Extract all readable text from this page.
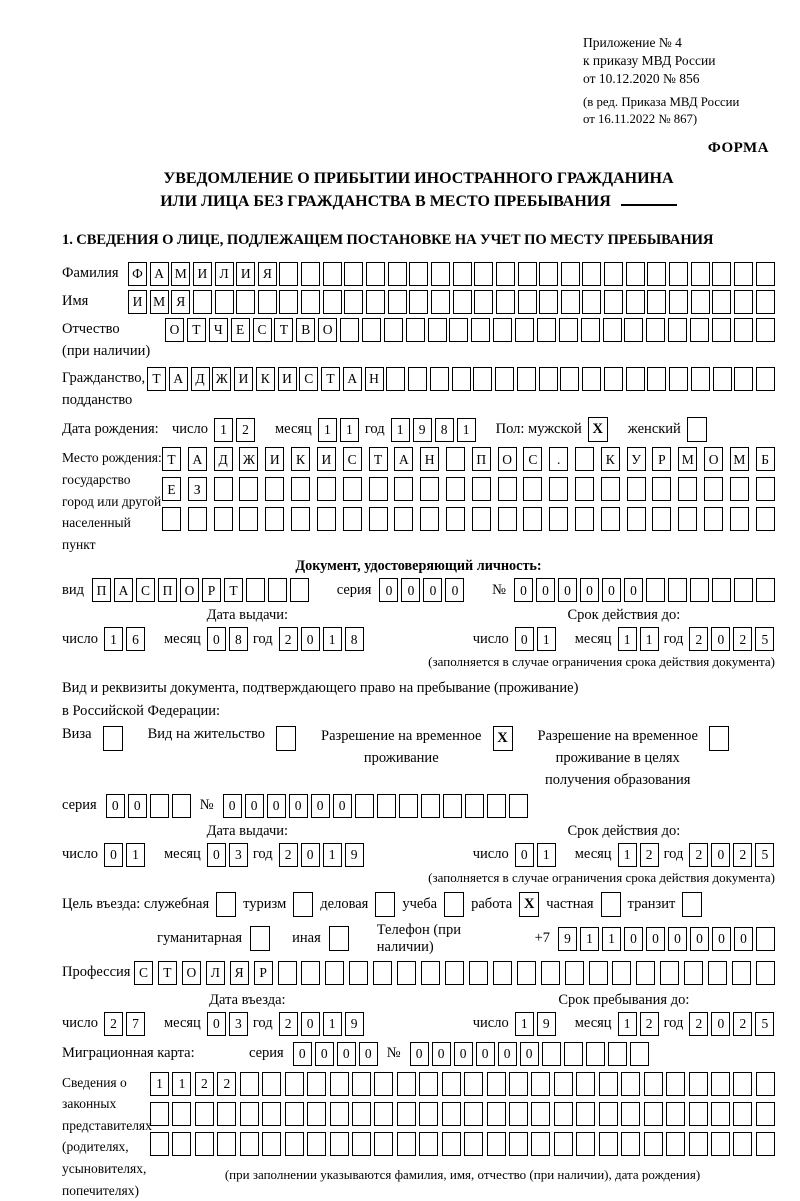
Приложение № 4
к приказу МВД России
от 10.12.2020 № 856
(в ред. Приказа МВД России
от 16.11.2022 № 867)
ФОРМА
УВЕДОМЛЕНИЕ О ПРИБЫТИИ ИНОСТРАННОГО ГРАЖДАНИНА
ИЛИ ЛИЦА БЕЗ ГРАЖДАНСТВА В МЕСТО ПРЕБЫВАНИЯ
1. СВЕДЕНИЯ О ЛИЦЕ, ПОДЛЕЖАЩЕМ ПОСТАНОВКЕ НА УЧЕТ ПО МЕСТУ ПРЕБЫВАНИЯ
Фамилия	Ф А М И Л И Я
Имя	И М Я
Отчество
(при наличии)
О Т Ч Е С Т В О
Гражданство,
подданство
Т А Д Ж И К И С Т А Н
Дата рождения: число 1	2	месяц 1	1 год 1	9	8	1	Пол: мужской X	женский
Место рождения:
государство
город или другой
населенный пункт
Т	А	Д	Ж	И	К	И	С	Т	А	Н	П	О	С	.	К	У	Р	М	О	М	Б
Е	З
Документ, удостоверяющий личность:
вид П А С П О Р	Т	серия	0	0	0	0	№	0	0	0	0	0	0
Дата выдачи:
число 1	6	месяц 0	8 год 2	0	1	8
Срок действия до:
число 0	1	месяц 1	1 год 2	0	2	5
(заполняется в случае ограничения срока действия документа)
Вид и реквизиты документа, подтверждающего право на пребывание (проживание)
в Российской Федерации:
Виза	Вид на жительство	Разрешение на временное
проживание
X	Разрешение на временное
проживание в целях
получения образования
серия	0	0	№	0	0	0	0	0	0
Дата выдачи:
число 0	1	месяц 0	3 год 2	0	1	9
Срок действия до:
число 0	1	месяц 1	2 год 2	0	2	5
(заполняется в случае ограничения срока действия документа)
Цель въезда: служебная туризм деловая учеба работа X частная транзит
гуманитарная	иная
Телефон (при наличии)
+7	9	1	1	0	0	0	0	0	0
Профессия С	Т	О	Л	Я	Р
Дата въезда:
число 2	7	месяц 0	3 год 2	0	1	9
Срок пребывания до:
число 1	9	месяц 1	2 год 2	0	2	5
Миграционная карта:	серия	0	0	0	0	№	0	0	0	0	0	0
Сведения о
законных
представителях
(родителях,
усыновителях,
попечителях)
1	1	2	2
(при заполнении указываются фамилия, имя, отчество (при наличии), дата рождения)
